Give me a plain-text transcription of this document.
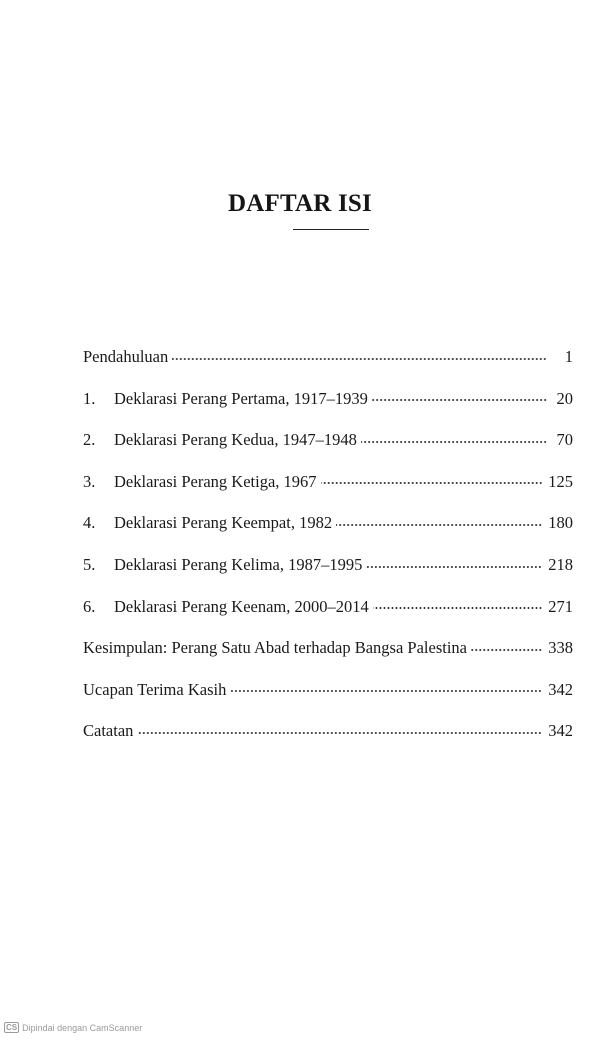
DAFTAR ISI
Pendahuluan	1
1.	Deklarasi Perang Pertama, 1917–1939	20
2.	Deklarasi Perang Kedua, 1947–1948	70
3.	Deklarasi Perang Ketiga, 1967	125
4.	Deklarasi Perang Keempat, 1982	180
5.	Deklarasi Perang Kelima, 1987–1995	218
6.	Deklarasi Perang Keenam, 2000–2014	271
Kesimpulan: Perang Satu Abad terhadap Bangsa Palestina	338
Ucapan Terima Kasih	342
Catatan	342
CS Dipindai dengan CamScanner
